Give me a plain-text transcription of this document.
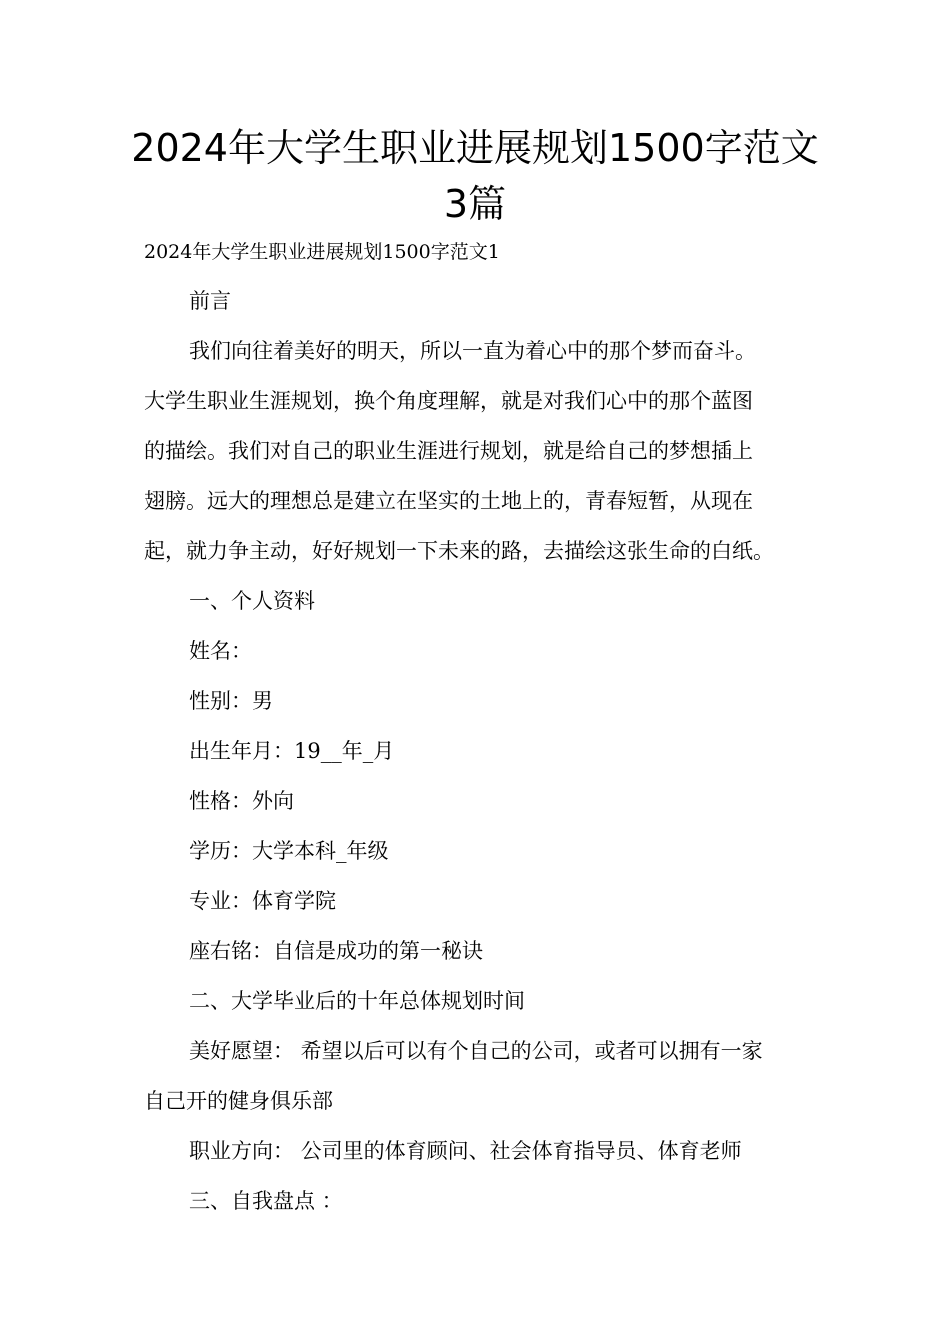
2024年大学生职业进展规划1500字范文3篇
2024年大学生职业进展规划1500字范文1
前言
我们向往着美好的明天，所以一直为着心中的那个梦而奋斗。
大学生职业生涯规划，换个角度理解，就是对我们心中的那个蓝图
的描绘。我们对自己的职业生涯进行规划，就是给自己的梦想插上
翅膀。远大的理想总是建立在坚实的土地上的，青春短暂，从现在
起，就力争主动，好好规划一下未来的路，去描绘这张生命的白纸。
一、个人资料
姓名：
性别：男
出生年月：19__年_月
性格：外向
学历：大学本科_年级
专业：体育学院
座右铭：自信是成功的第一秘诀
二、大学毕业后的十年总体规划时间
美好愿望： 希望以后可以有个自己的公司，或者可以拥有一家
自己开的健身俱乐部
职业方向： 公司里的体育顾问、社会体育指导员、体育老师
三、自我盘点 ：
